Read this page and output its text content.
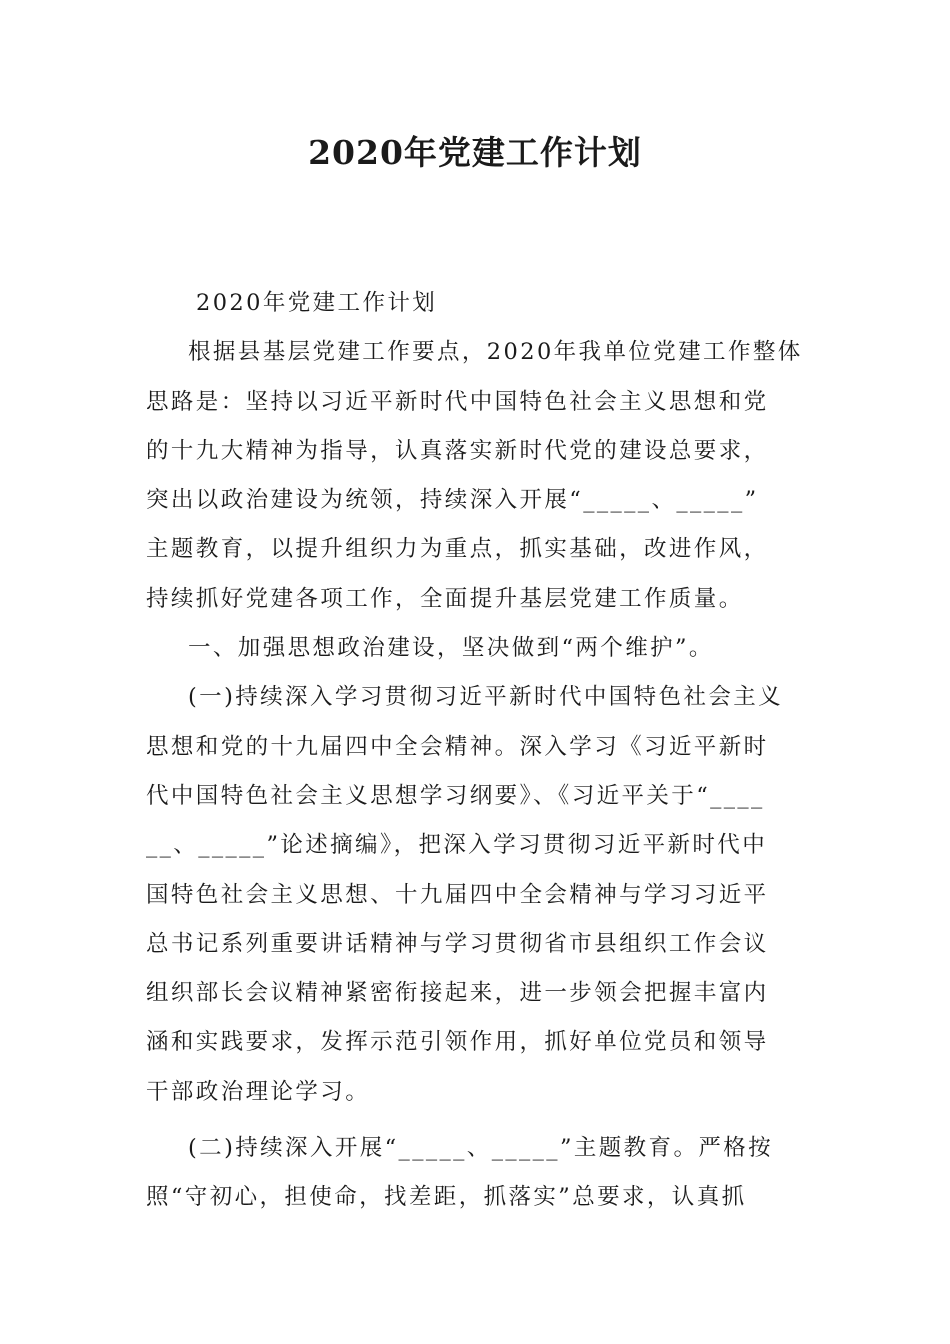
2020年党建工作计划
2020年党建工作计划
根据县基层党建工作要点，2020年我单位党建工作整体
思路是：坚持以习近平新时代中国特色社会主义思想和党
的十九大精神为指导，认真落实新时代党的建设总要求，
突出以政治建设为统领，持续深入开展“_____、_____”
主题教育，以提升组织力为重点，抓实基础，改进作风，
持续抓好党建各项工作，全面提升基层党建工作质量。
一、加强思想政治建设，坚决做到“两个维护”。
(一)持续深入学习贯彻习近平新时代中国特色社会主义
思想和党的十九届四中全会精神。深入学习《习近平新时
代中国特色社会主义思想学习纲要》、《习近平关于“____
__、_____”论述摘编》，把深入学习贯彻习近平新时代中
国特色社会主义思想、十九届四中全会精神与学习习近平
总书记系列重要讲话精神与学习贯彻省市县组织工作会议
组织部长会议精神紧密衔接起来，进一步领会把握丰富内
涵和实践要求，发挥示范引领作用，抓好单位党员和领导
干部政治理论学习。
(二)持续深入开展“_____、_____”主题教育。严格按
照“守初心，担使命，找差距，抓落实”总要求，认真抓
